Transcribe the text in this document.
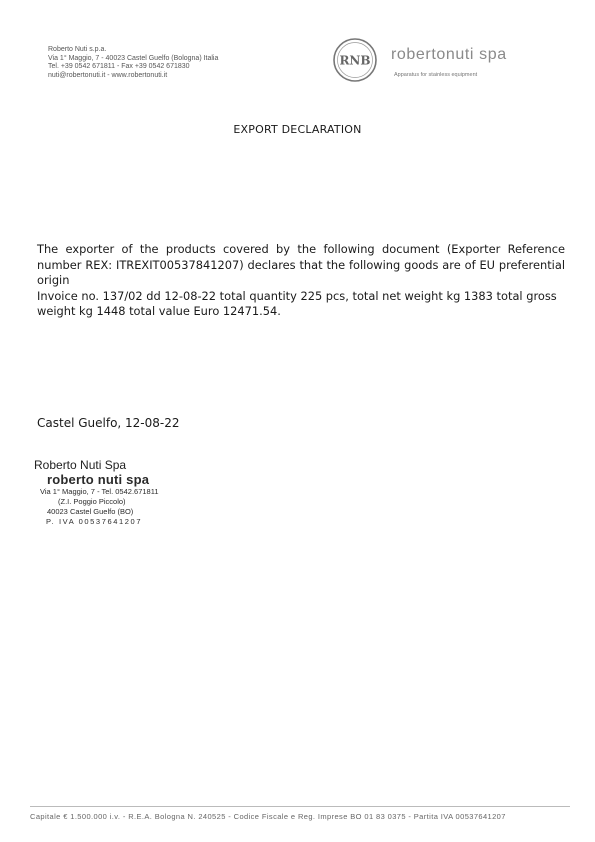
Roberto Nuti s.p.a.
Via 1° Maggio, 7 - 40023 Castel Guelfo (Bologna) Italia
Tel. +39 0542 671811 - Fax +39 0542 671830
nuti@robertonuti.it - www.robertonuti.it
RNB robertonuti spa
Apparatus for stainless equipment
EXPORT DECLARATION

The exporter of the products covered by the following document (Exporter Reference number REX: ITREXIT00537841207) declares that the following goods are of EU preferential origin

Invoice no. 137/02 dd 12-08-22 total quantity 225 pcs, total net weight kg 1383 total gross weight kg 1448 total value Euro 12471.54.

Castel Guelfo, 12-08-22
Roberto Nuti Spa
roberto nuti spa
Via 1° Maggio, 7 - Tel. 0542.671811
(Z.I. Poggio Piccolo)
40023 Castel Guelfo (BO)
P. IVA 00537641207
Capitale € 1.500.000 i.v. - R.E.A. Bologna N. 240525 - Codice Fiscale e Reg. Imprese BO 01 83 0375 - Partita IVA 00537641207
